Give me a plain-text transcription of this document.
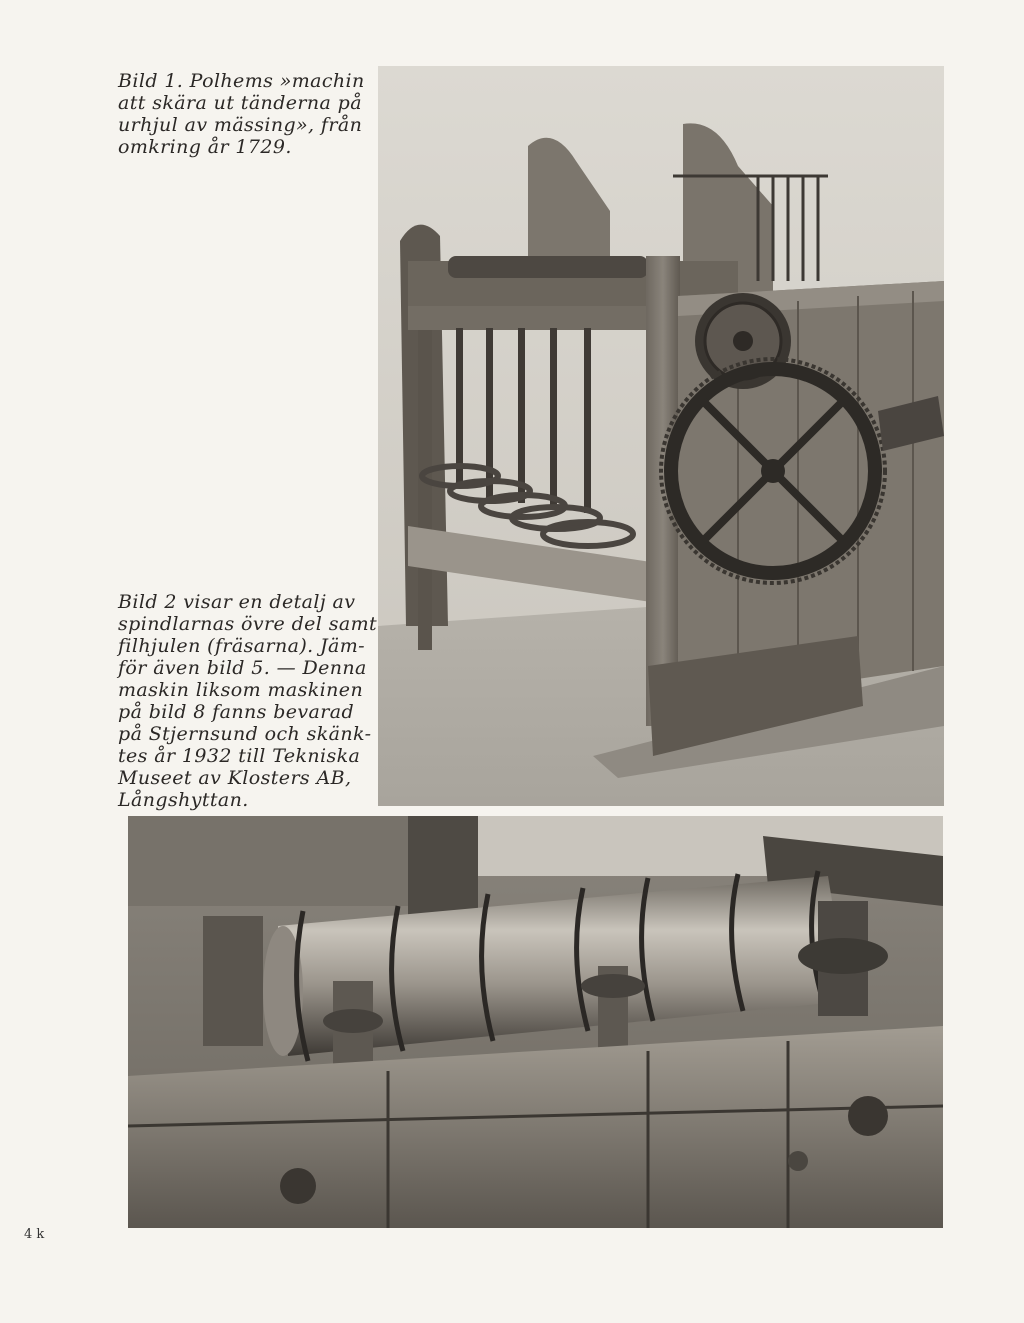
Bild 1. Polhems »machin
att skära ut tänderna på
urhjul av mässing», från
omkring år 1729.
Bild 2 visar en detalj av
spindlarnas övre del samt
filhjulen (fräsarna). Jäm-
för även bild 5. — Denna
maskin liksom maskinen
på bild 8 fanns bevarad
på Stjernsund och skänk-
tes år 1932 till Tekniska
Museet av Klosters AB,
Långshyttan.
4 k
